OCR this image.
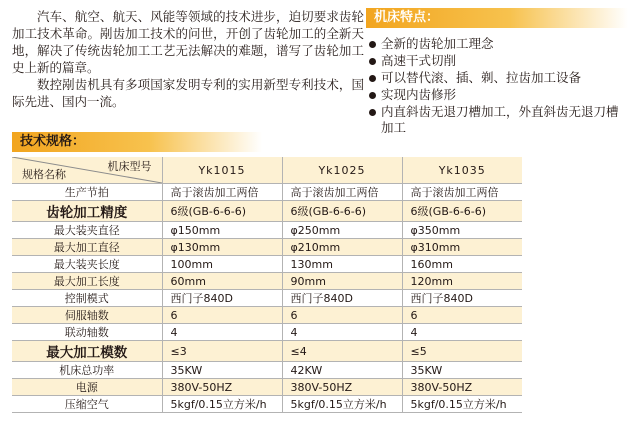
汽车、航空、航天、风能等领域的技术进步，迫切要求齿轮加工技术革命。剐齿加工技术的问世，开创了齿轮加工的全新天地，解决了传统齿轮加工工艺无法解决的难题，谱写了齿轮加工史上新的篇章。

数控剐齿机具有多项国家发明专利的实用新型专利技术，国际先进、国内一流。

机床特点：
全新的齿轮加工理念
高速干式切削
可以替代滚、插、剃、拉齿加工设备
实现内齿修形
内直斜齿无退刀槽加工，外直斜齿无退刀槽加工
技术规格：
机床型号
规格名称	Yk1015	Yk1025	Yk1035
生产节拍	高于滚齿加工两倍	高于滚齿加工两倍	高于滚齿加工两倍
齿轮加工精度	6级(GB-6-6-6)	6级(GB-6-6-6)	6级(GB-6-6-6)
最大装夹直径	φ150mm	φ250mm	φ350mm
最大加工直径	φ130mm	φ210mm	φ310mm
最大装夹长度	100mm	130mm	160mm
最大加工长度	60mm	90mm	120mm
控制模式	西门子840D	西门子840D	西门子840D
伺服轴数	6	6	6
联动轴数	4	4	4
最大加工模数	≤3	≤4	≤5
机床总功率	35KW	42KW	35KW
电源	380V-50HZ	380V-50HZ	380V-50HZ
压缩空气	5kgf/0.15立方米/h	5kgf/0.15立方米/h	5kgf/0.15立方米/h
